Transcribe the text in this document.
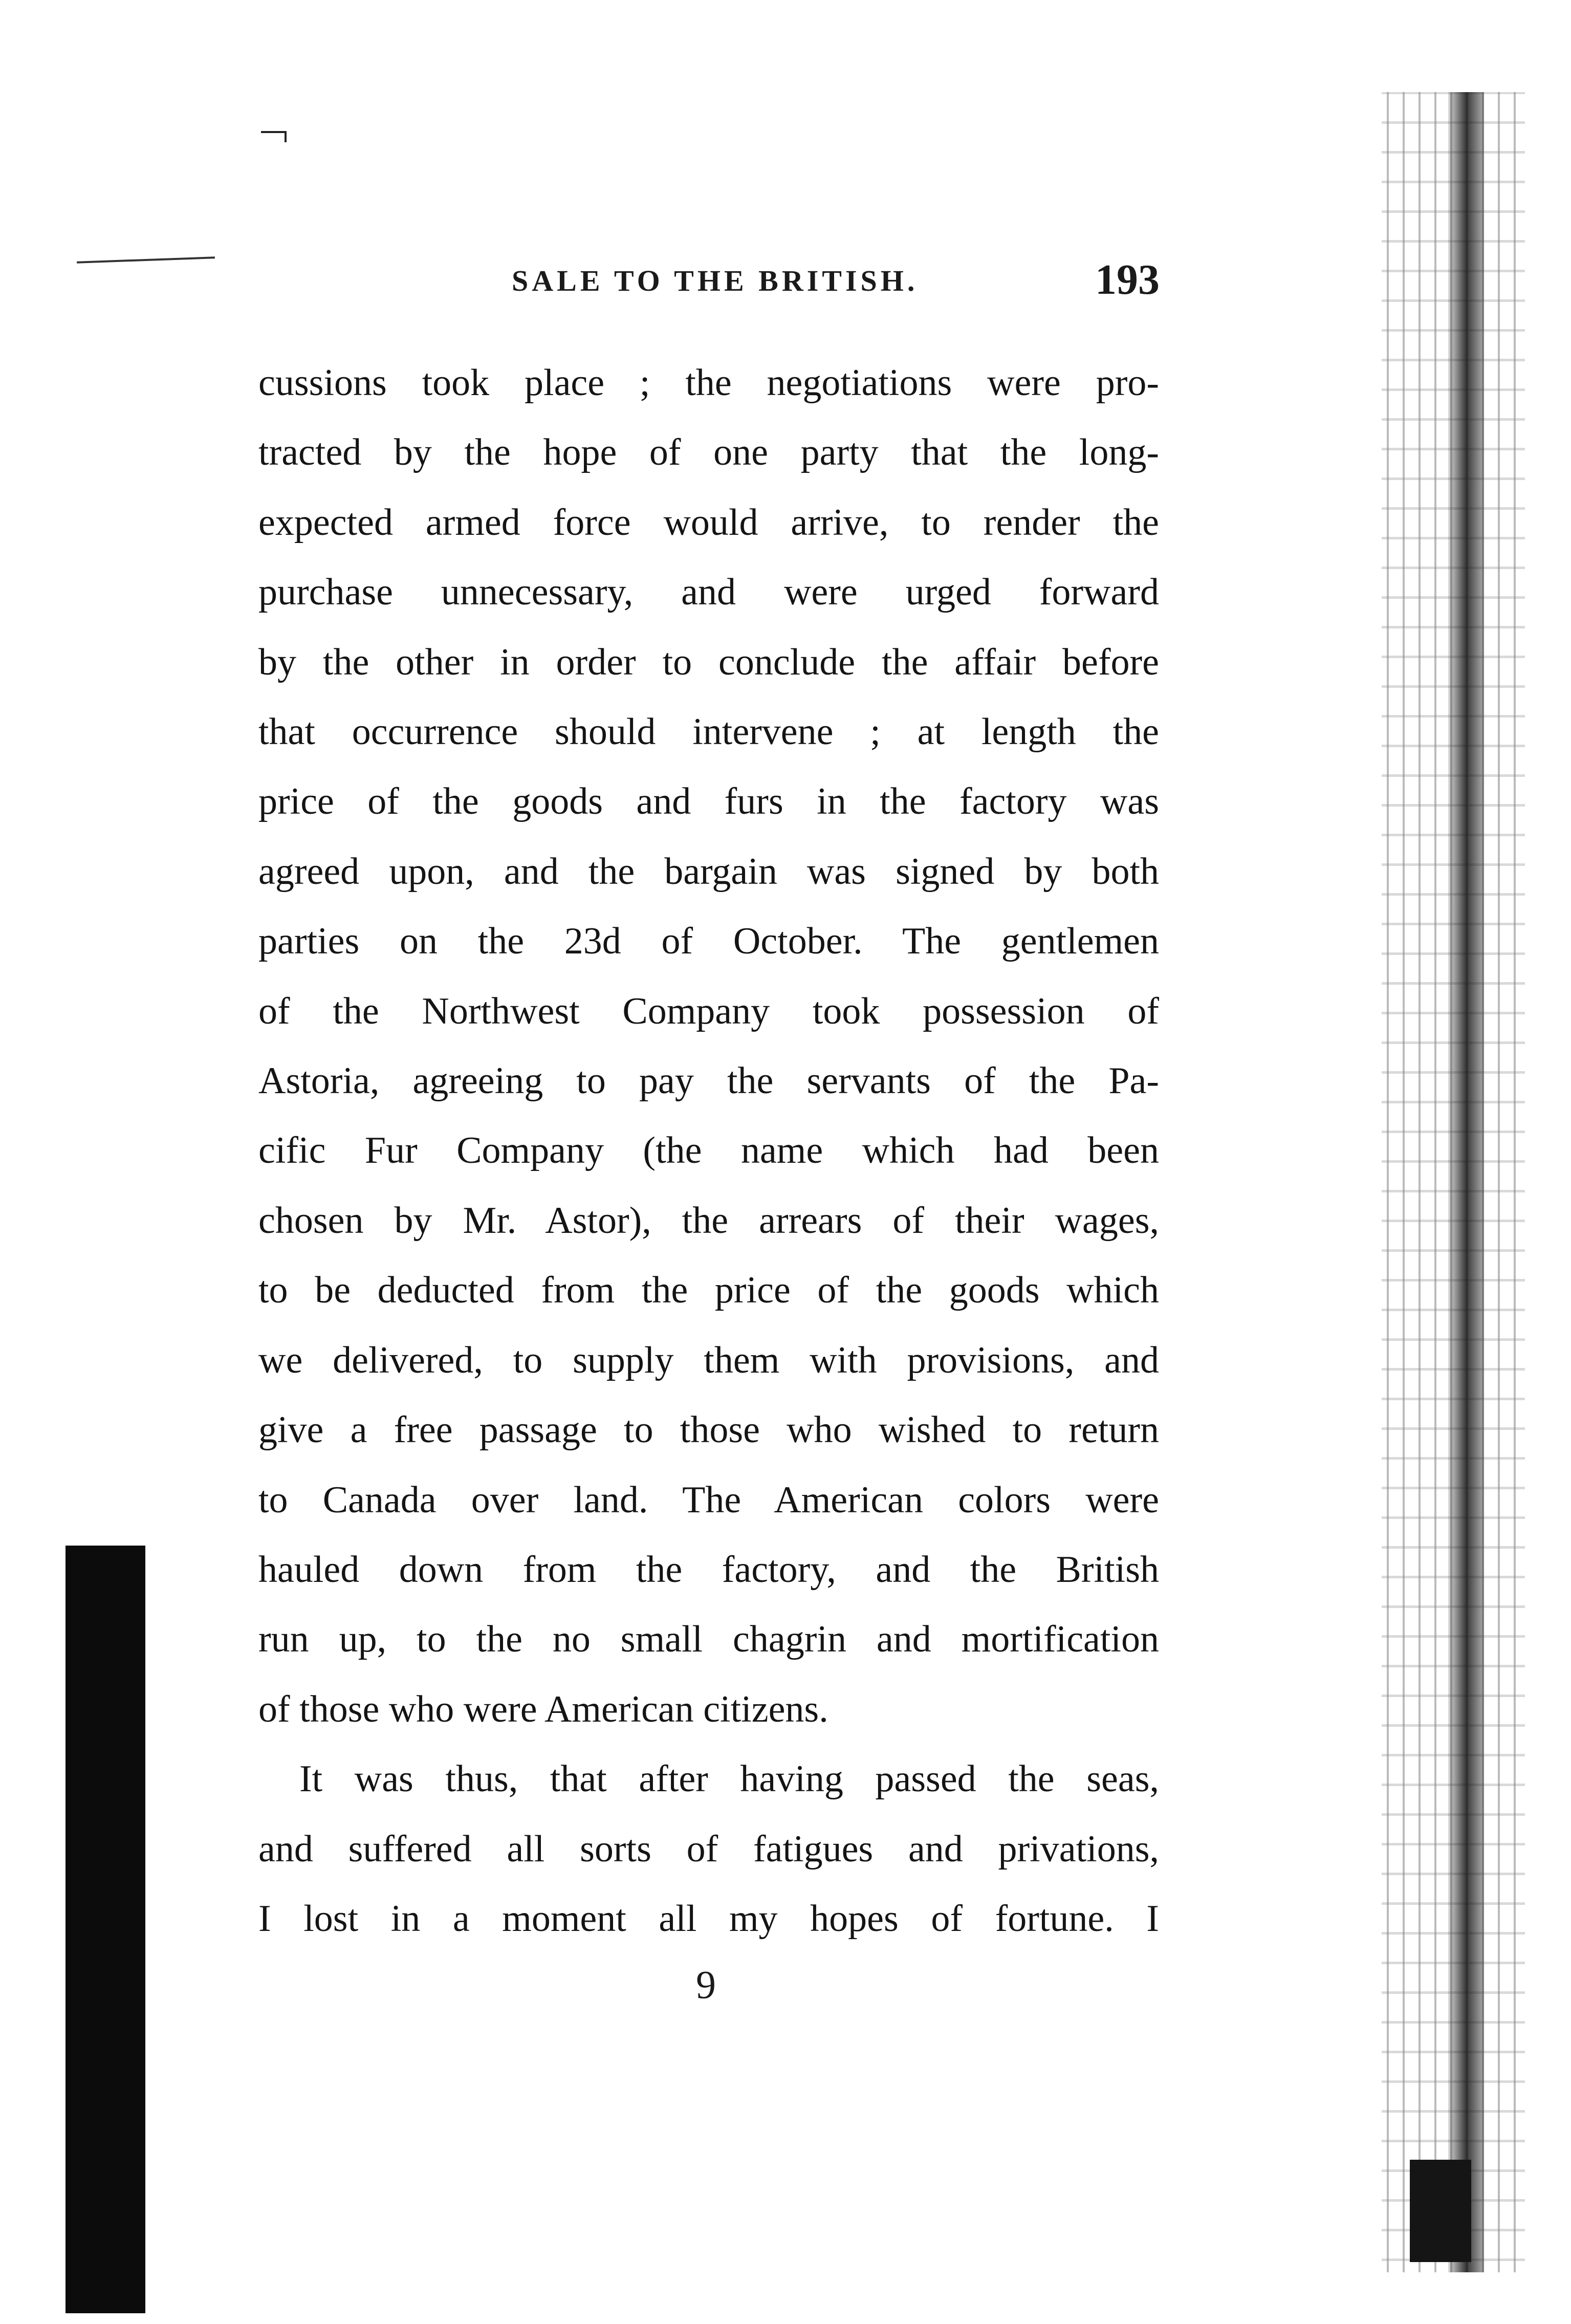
SALE TO THE BRITISH.	193
cussions took place ; the negotiations were pro-
tracted by the hope of one party that the long-
expected armed force would arrive, to render the
purchase unnecessary, and were urged forward
by the other in order to conclude the affair before
that occurrence should intervene ; at length the
price of the goods and furs in the factory was
agreed upon, and the bargain was signed by both
parties on the 23d of October. The gentlemen
of the Northwest Company took possession of
Astoria, agreeing to pay the servants of the Pa-
cific Fur Company (the name which had been
chosen by Mr. Astor), the arrears of their wages,
to be deducted from the price of the goods which
we delivered, to supply them with provisions, and
give a free passage to those who wished to return
to Canada over land. The American colors were
hauled down from the factory, and the British
run up, to the no small chagrin and mortification
of those who were American citizens.
It was thus, that after having passed the seas,
and suffered all sorts of fatigues and privations,
I lost in a moment all my hopes of fortune. I
9
